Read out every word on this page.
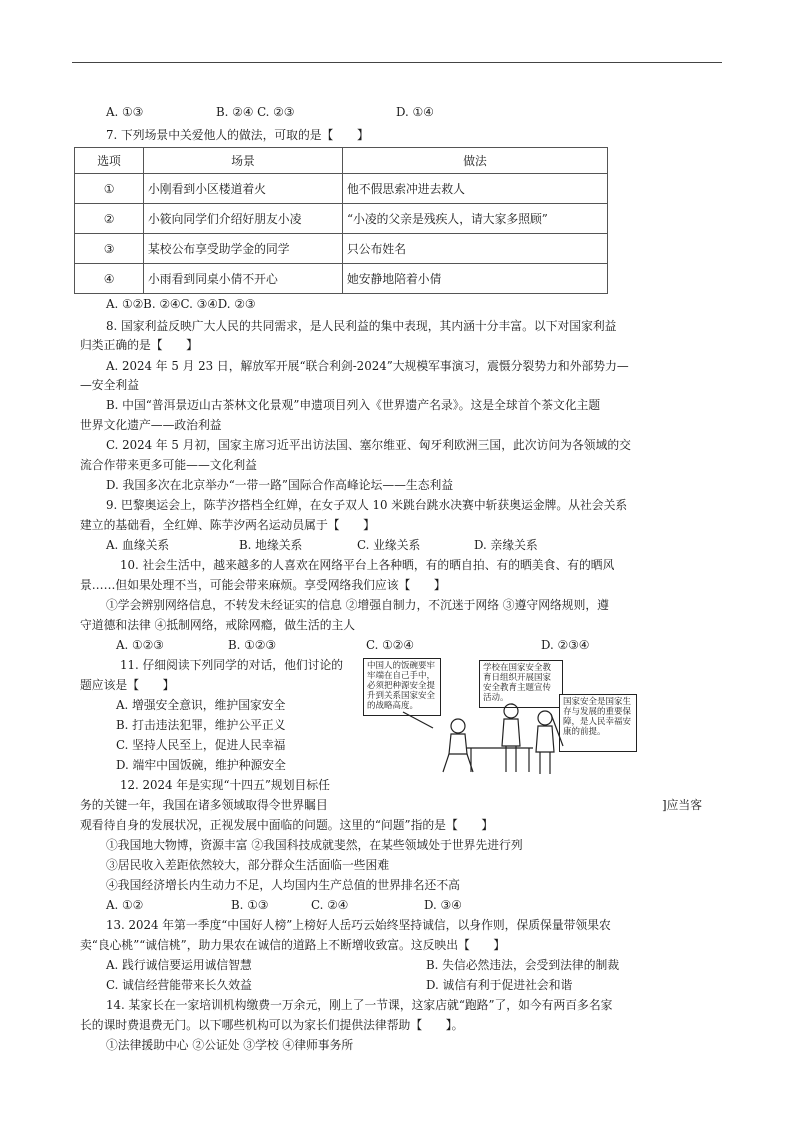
A. ①③	B. ②④ C. ②③	D. ①④
7. 下列场景中关爱他人的做法，可取的是【　　】
选项	场景	做法
①	小刚看到小区楼道着火	他不假思索冲进去救人
②	小筱向同学们介绍好朋友小凌	“小凌的父亲是残疾人，请大家多照顾”
③	某校公布享受助学金的同学	只公布姓名
④	小雨看到同桌小倩不开心	她安静地陪着小倩
A. ①②B. ②④C. ③④D. ②③
8. 国家利益反映广大人民的共同需求，是人民利益的集中表现，其内涵十分丰富。以下对国家利益
归类正确的是【　　】
A. 2024 年 5 月 23 日，解放军开展“联合利剑-2024”大规模军事演习，震慑分裂势力和外部势力—
—安全利益
B. 中国“普洱景迈山古茶林文化景观”申遗项目列入《世界遗产名录》。这是全球首个茶文化主题
世界文化遗产——政治利益
C. 2024 年 5 月初，国家主席习近平出访法国、塞尔维亚、匈牙利欧洲三国，此次访问为各领域的交
流合作带来更多可能——文化利益
D. 我国多次在北京举办“一带一路”国际合作高峰论坛——生态利益
9. 巴黎奥运会上，陈芋汐搭档全红婵，在女子双人 10 米跳台跳水决赛中斩获奥运金牌。从社会关系
建立的基础看，全红婵、陈芋汐两名运动员属于【　　】
A. 血缘关系	B. 地缘关系	C. 业缘关系	D. 亲缘关系
10. 社会生活中，越来越多的人喜欢在网络平台上各种晒，有的晒自拍、有的晒美食、有的晒风
景……但如果处理不当，可能会带来麻烦。享受网络我们应该【　　】
①学会辨别网络信息，不转发未经证实的信息 ②增强自制力，不沉迷于网络 ③遵守网络规则，遵
守道德和法律 ④抵制网络，戒除网瘾，做生活的主人
A. ①②③	B. ①②③	C. ①②④	D. ②③④
11. 仔细阅读下列同学的对话，他们讨论的
题应该是【　　】
A. 增强安全意识，维护国家安全
B. 打击违法犯罪，维护公平正义
C. 坚持人民至上，促进人民幸福
D. 端牢中国饭碗，维护种源安全
中国人的饭碗要牢牢端在自己手中，必须把种源安全提升到关系国家安全的战略高度。
学校在国家安全教育日组织开展国家安全教育主题宣传活动。	国家安全是国家生存与发展的重要保障，是人民幸福安康的前提。
12. 2024 年是实现“十四五”规划目标任
务的关键一年，我国在诸多领域取得令世界瞩目	]应当客
观看待自身的发展状况，正视发展中面临的问题。这里的“问题”指的是【　　】
①我国地大物博，资源丰富 ②我国科技成就斐然，在某些领域处于世界先进行列
③居民收入差距依然较大，部分群众生活面临一些困难
④我国经济增长内生动力不足，人均国内生产总值的世界排名还不高
A. ①②	B. ①③	C. ②④	D. ③④
13. 2024 年第一季度“中国好人榜”上榜好人岳巧云始终坚持诚信，以身作则，保质保量带领果农
卖“良心桃”“诚信桃”，助力果农在诚信的道路上不断增收致富。这反映出【　　】
A. 践行诚信要运用诚信智慧	B. 失信必然违法，会受到法律的制裁
C. 诚信经营能带来长久效益	D. 诚信有利于促进社会和谐
14. 某家长在一家培训机构缴费一万余元，刚上了一节课，这家店就“跑路”了，如今有两百多名家
长的课时费退费无门。以下哪些机构可以为家长们提供法律帮助【　　】。
①法律援助中心 ②公证处 ③学校 ④律师事务所
